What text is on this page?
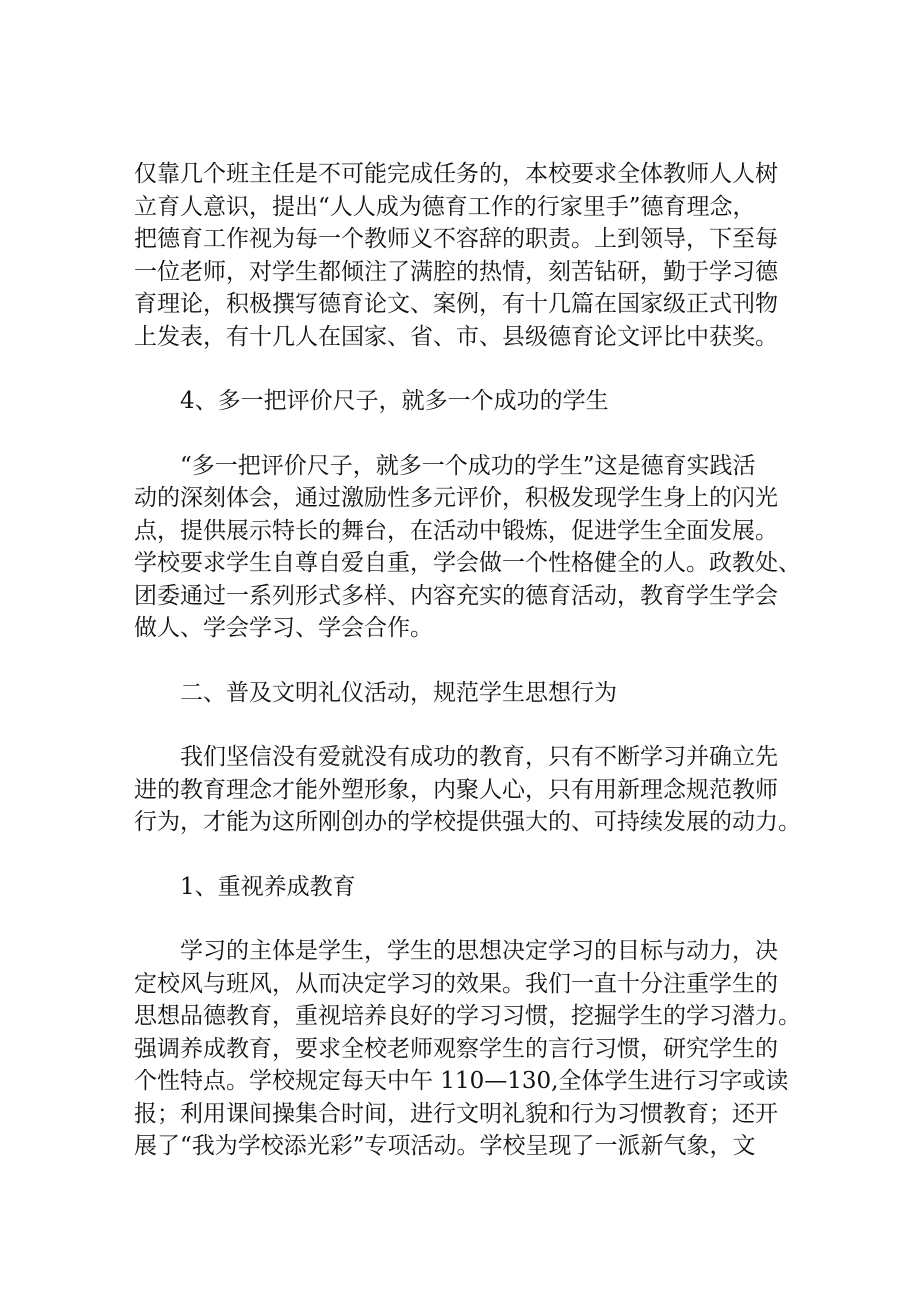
仅靠几个班主任是不可能完成任务的，本校要求全体教师人人树
立育人意识，提出“人人成为德育工作的行家里手”德育理念，
把德育工作视为每一个教师义不容辞的职责。上到领导，下至每
一位老师，对学生都倾注了满腔的热情，刻苦钻研，勤于学习德
育理论，积极撰写德育论文、案例，有十几篇在国家级正式刊物
上发表，有十几人在国家、省、市、县级德育论文评比中获奖。
4、多一把评价尺子，就多一个成功的学生
“多一把评价尺子，就多一个成功的学生”这是德育实践活
动的深刻体会，通过激励性多元评价，积极发现学生身上的闪光
点，提供展示特长的舞台，在活动中锻炼，促进学生全面发展。
学校要求学生自尊自爱自重，学会做一个性格健全的人。政教处、
团委通过一系列形式多样、内容充实的德育活动，教育学生学会
做人、学会学习、学会合作。
二、普及文明礼仪活动，规范学生思想行为
我们坚信没有爱就没有成功的教育，只有不断学习并确立先
进的教育理念才能外塑形象，内聚人心，只有用新理念规范教师
行为，才能为这所刚创办的学校提供强大的、可持续发展的动力。
1、重视养成教育
学习的主体是学生，学生的思想决定学习的目标与动力，决
定校风与班风，从而决定学习的效果。我们一直十分注重学生的
思想品德教育，重视培养良好的学习习惯，挖掘学生的学习潜力。
强调养成教育，要求全校老师观察学生的言行习惯，研究学生的
个性特点。学校规定每天中午 110—130,全体学生进行习字或读
报；利用课间操集合时间，进行文明礼貌和行为习惯教育；还开
展了“我为学校添光彩”专项活动。学校呈现了一派新气象，文
